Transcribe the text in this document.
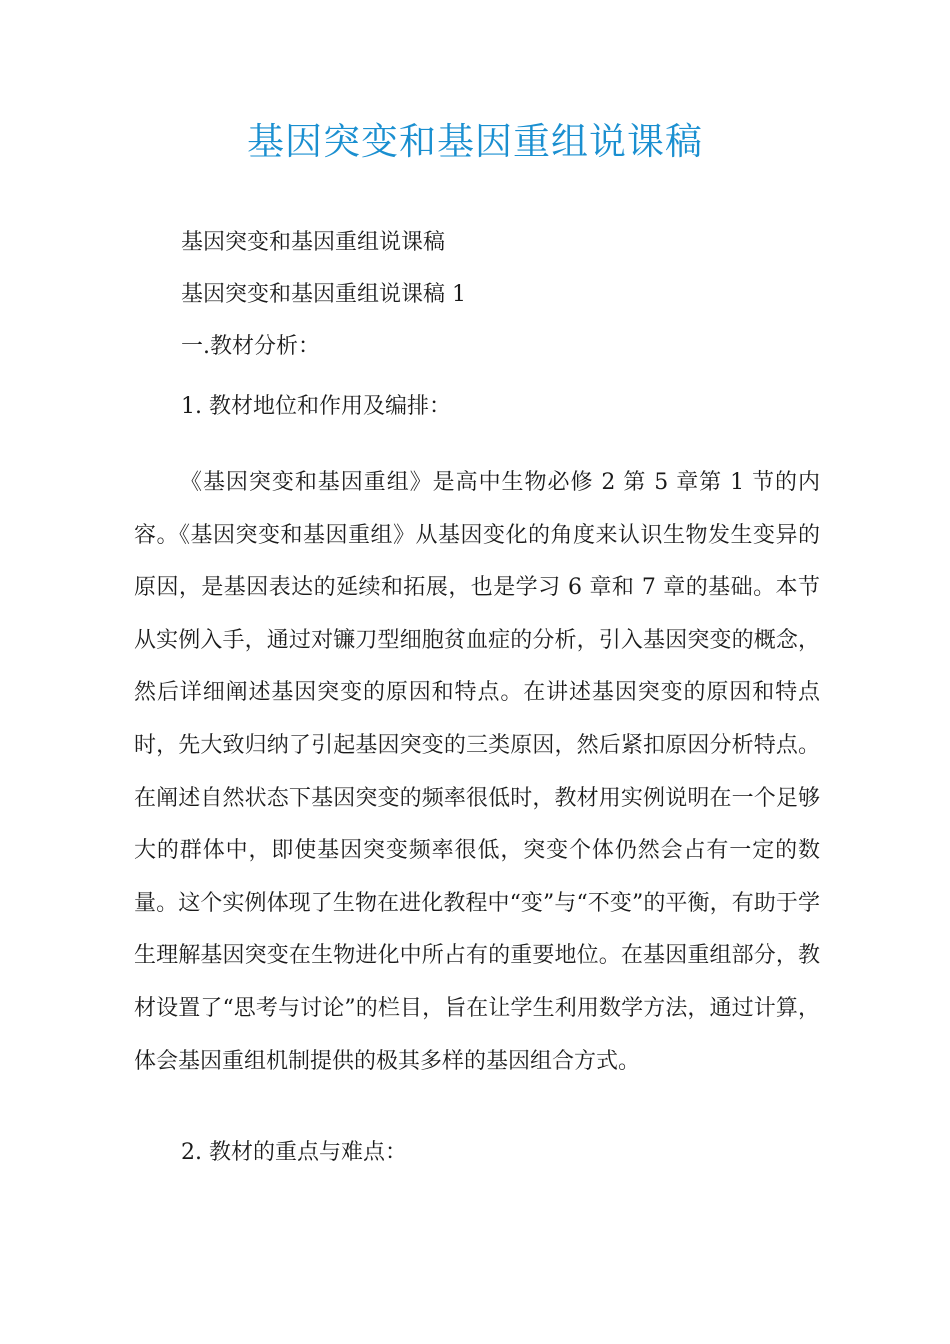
基因突变和基因重组说课稿
基因突变和基因重组说课稿
基因突变和基因重组说课稿 1
一.教材分析：
1. 教材地位和作用及编排：

《基因突变和基因重组》是高中生物必修 2 第 5 章第 1 节的内容。《基因突变和基因重组》从基因变化的角度来认识生物发生变异的原因，是基因表达的延续和拓展，也是学习 6 章和 7 章的基础。本节从实例入手，通过对镰刀型细胞贫血症的分析，引入基因突变的概念，然后详细阐述基因突变的原因和特点。在讲述基因突变的原因和特点时，先大致归纳了引起基因突变的三类原因，然后紧扣原因分析特点。在阐述自然状态下基因突变的频率很低时，教材用实例说明在一个足够大的群体中，即使基因突变频率很低，突变个体仍然会占有一定的数量。这个实例体现了生物在进化教程中“变”与“不变”的平衡，有助于学生理解基因突变在生物进化中所占有的重要地位。在基因重组部分，教材设置了“思考与讨论”的栏目，旨在让学生利用数学方法，通过计算，体会基因重组机制提供的极其多样的基因组合方式。

2. 教材的重点与难点：
